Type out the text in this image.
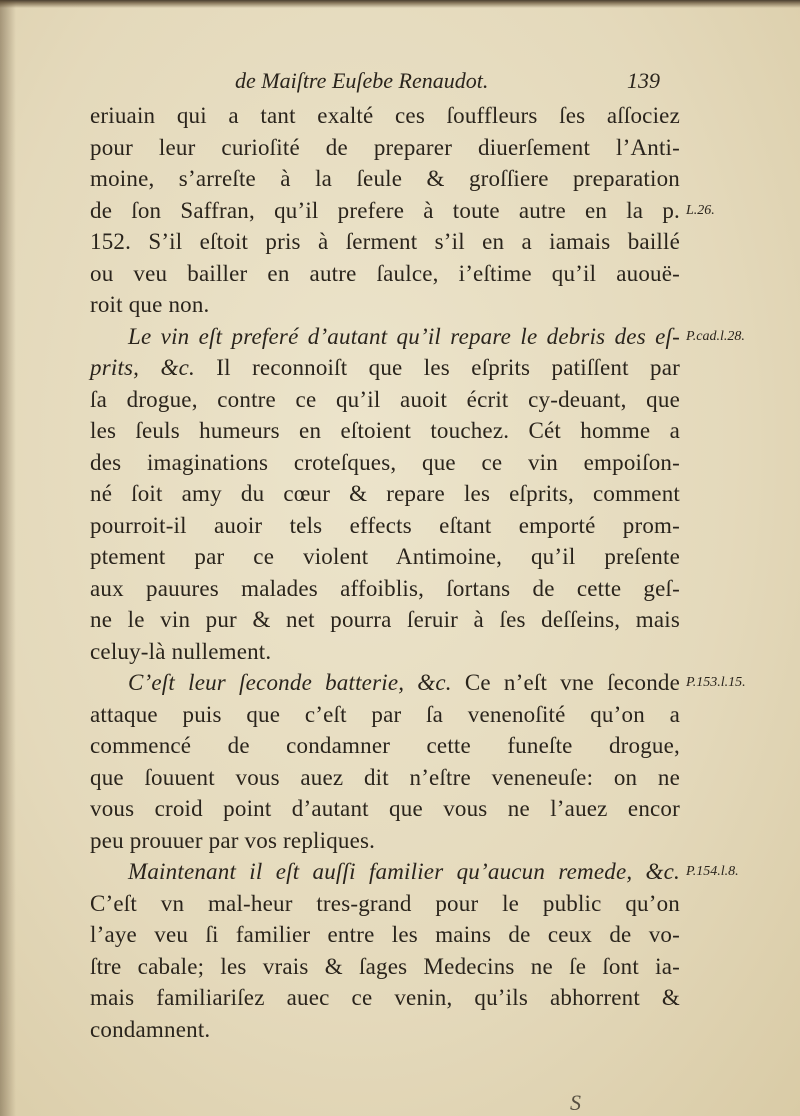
de Maiſtre Euſebe Renaudot.	139
eriuain qui a tant exalté ces ſouffleurs ſes aſſociez
pour leur curioſité de preparer diuerſement l’Anti-
moine, s’arreſte à la ſeule & groſſiere preparation
de ſon Saffran, qu’il prefere à toute autre en la p.
152. S’il eſtoit pris à ſerment s’il en a iamais baillé
ou veu bailler en autre ſaulce, i’eſtime qu’il auouë-
roit que non.
Le vin eſt preferé d’autant qu’il repare le debris des eſ-
prits, &c. Il reconnoiſt que les eſprits patiſſent par
ſa drogue, contre ce qu’il auoit écrit cy-deuant, que
les ſeuls humeurs en eſtoient touchez. Cét homme a
des imaginations croteſques, que ce vin empoiſon-
né ſoit amy du cœur & repare les eſprits, comment
pourroit-il auoir tels effects eſtant emporté prom-
ptement par ce violent Antimoine, qu’il preſente
aux pauures malades affoiblis, ſortans de cette geſ-
ne le vin pur & net pourra ſeruir à ſes deſſeins, mais
celuy-là nullement.
C’eſt leur ſeconde batterie, &c. Ce n’eſt vne ſeconde
attaque puis que c’eſt par ſa venenoſité qu’on a
commencé de condamner cette funeſte drogue,
que ſouuent vous auez dit n’eſtre veneneuſe: on ne
vous croid point d’autant que vous ne l’auez encor
peu prouuer par vos repliques.
Maintenant il eſt auſſi familier qu’aucun remede, &c.
C’eſt vn mal-heur tres-grand pour le public qu’on
l’aye veu ſi familier entre les mains de ceux de vo-
ſtre cabale; les vrais & ſages Medecins ne ſe ſont ia-
mais familiariſez auec ce venin, qu’ils abhorrent &
condamnent.
L.26.
P.cad.l.28.
P.153.l.15.
P.154.l.8.
S
